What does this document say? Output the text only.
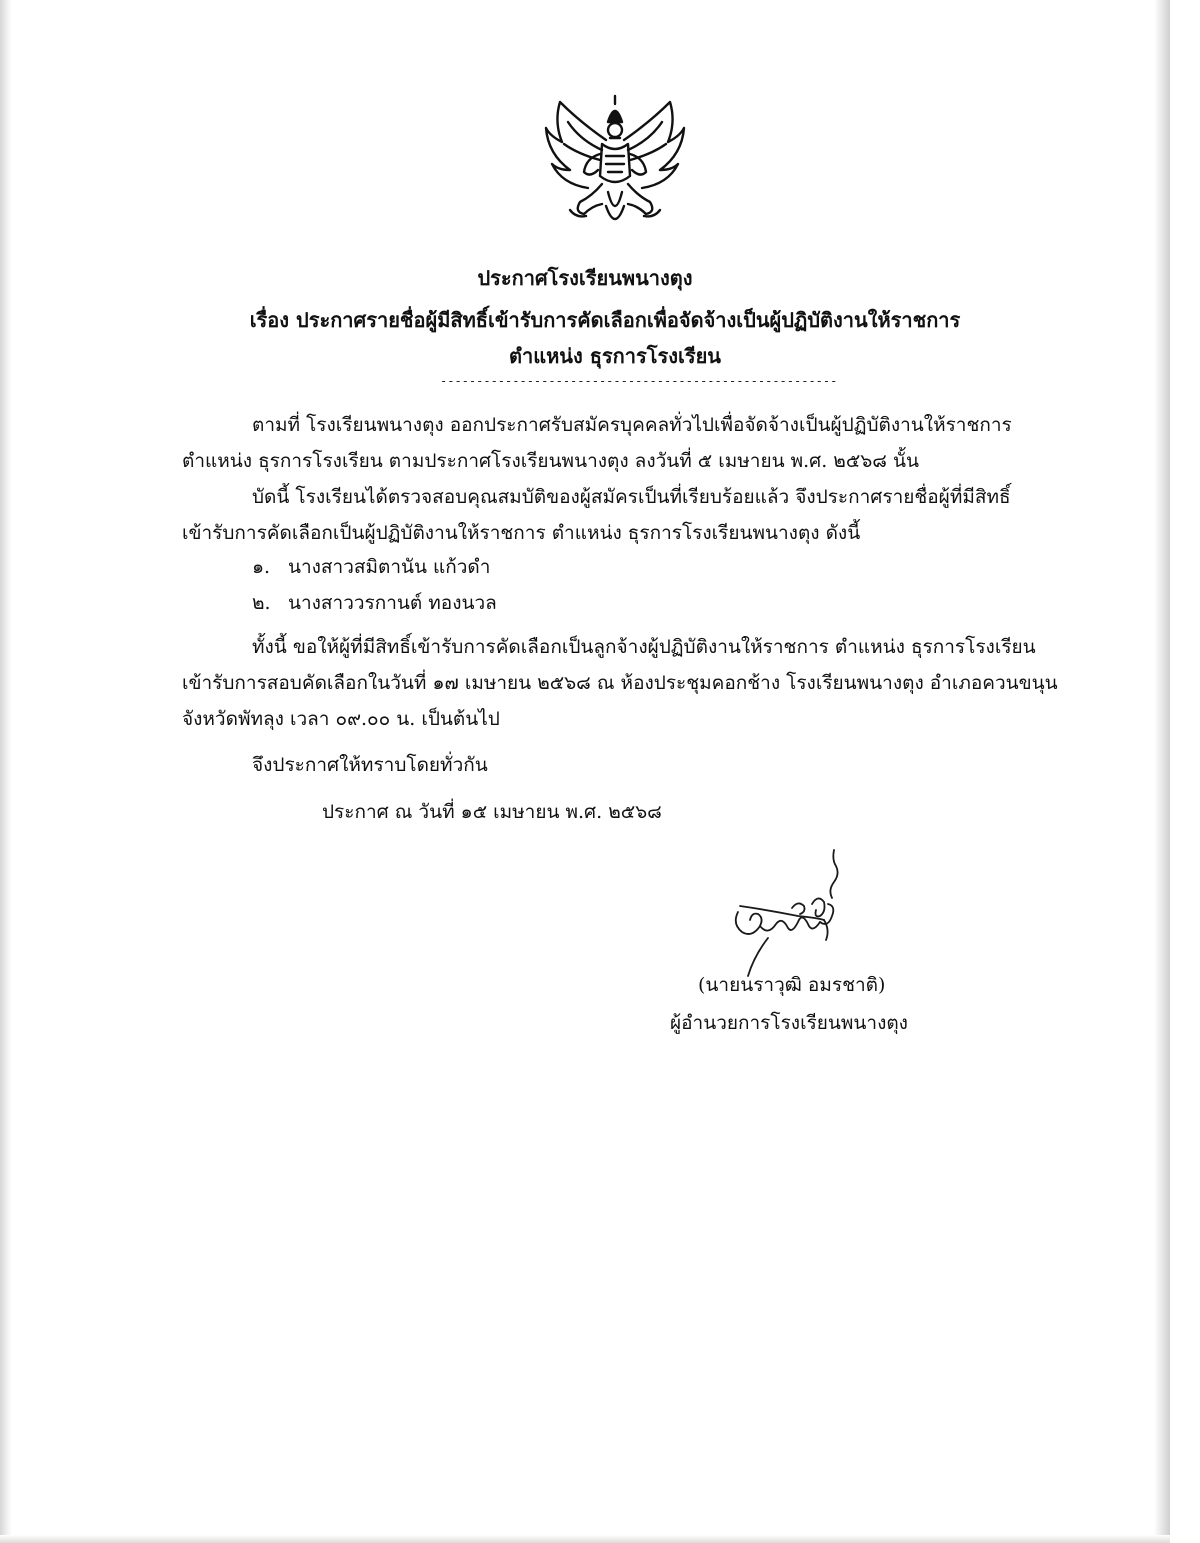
ประกาศโรงเรียนพนางตุง
เรื่อง ประกาศรายชื่อผู้มีสิทธิ์เข้ารับการคัดเลือกเพื่อจัดจ้างเป็นผู้ปฏิบัติงานให้ราชการ
ตำแหน่ง ธุรการโรงเรียน
-------------------------------------------------------
ตามที่ โรงเรียนพนางตุง ออกประกาศรับสมัครบุคคลทั่วไปเพื่อจัดจ้างเป็นผู้ปฏิบัติงานให้ราชการ
ตำแหน่ง ธุรการโรงเรียน ตามประกาศโรงเรียนพนางตุง ลงวันที่ ๕ เมษายน พ.ศ. ๒๕๖๘ นั้น
บัดนี้ โรงเรียนได้ตรวจสอบคุณสมบัติของผู้สมัครเป็นที่เรียบร้อยแล้ว จึงประกาศรายชื่อผู้ที่มีสิทธิ์
เข้ารับการคัดเลือกเป็นผู้ปฏิบัติงานให้ราชการ ตำแหน่ง ธุรการโรงเรียนพนางตุง ดังนี้
๑. นางสาวสมิตานัน แก้วดำ
๒. นางสาววรกานต์ ทองนวล
ทั้งนี้ ขอให้ผู้ที่มีสิทธิ์เข้ารับการคัดเลือกเป็นลูกจ้างผู้ปฏิบัติงานให้ราชการ ตำแหน่ง ธุรการโรงเรียน
เข้ารับการสอบคัดเลือกในวันที่ ๑๗ เมษายน ๒๕๖๘ ณ ห้องประชุมคอกช้าง โรงเรียนพนางตุง อำเภอควนขนุน
จังหวัดพัทลุง เวลา ๐๙.๐๐ น. เป็นต้นไป
จึงประกาศให้ทราบโดยทั่วกัน
ประกาศ ณ วันที่ ๑๕ เมษายน พ.ศ. ๒๕๖๘
(นายนราวุฒิ อมรชาติ)
ผู้อำนวยการโรงเรียนพนางตุง
